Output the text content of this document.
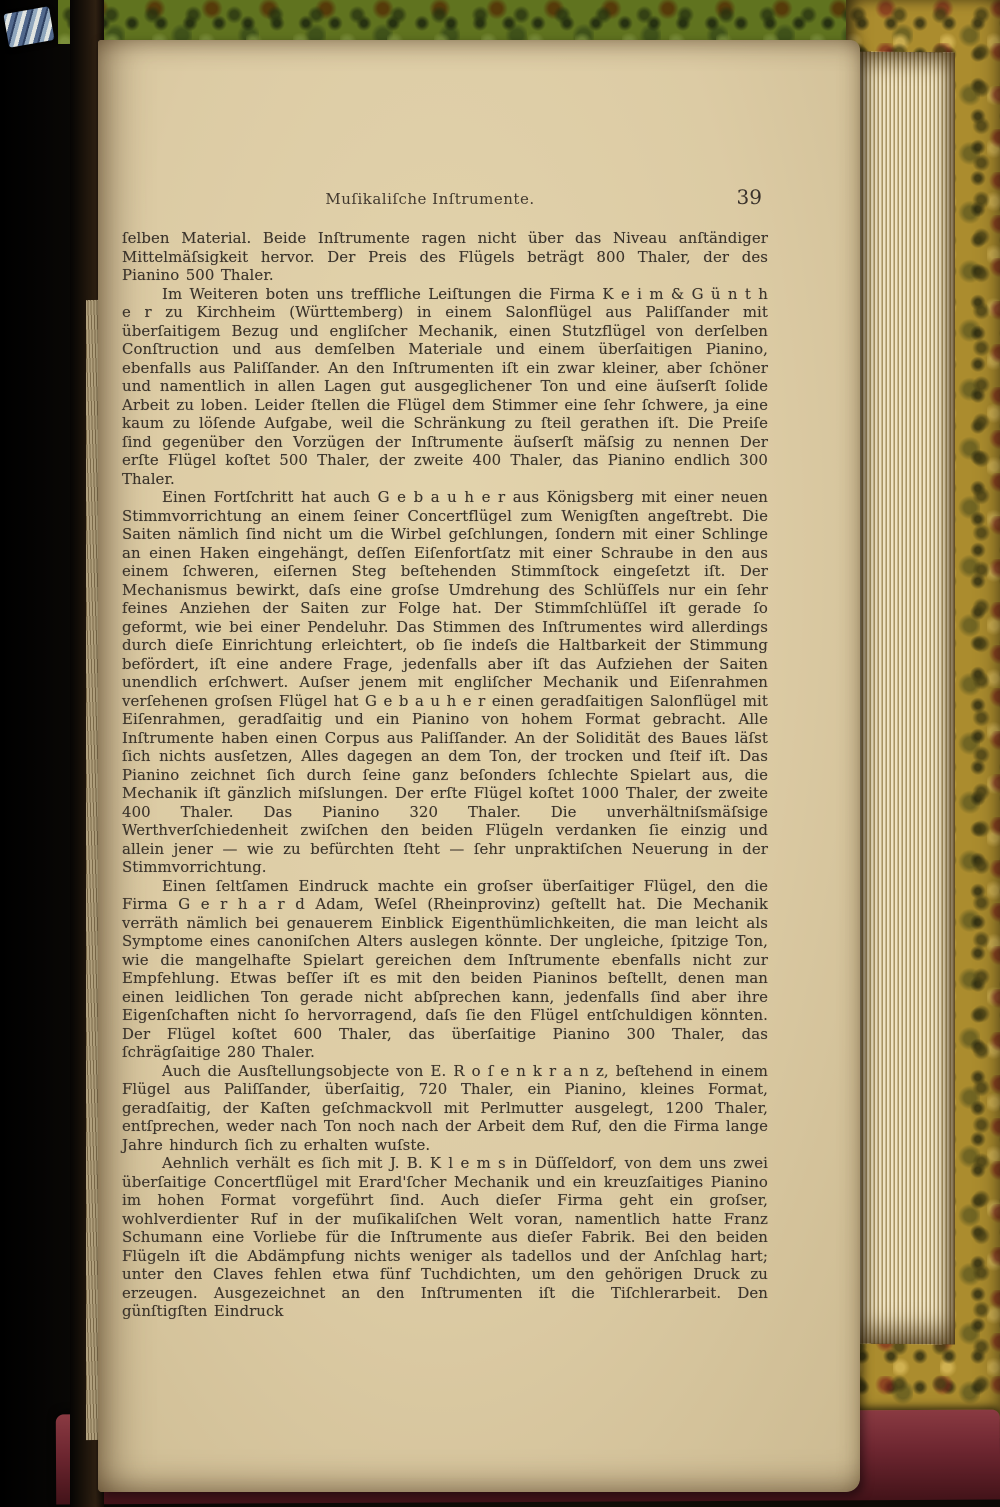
Muſikaliſche Inſtrumente.	39

ſelben Material. Beide Inſtrumente ragen nicht über das Niveau anſtändiger Mittelmäſsigkeit hervor. Der Preis des Flügels beträgt 800 Thaler, der des Pianino 500 Thaler.

Im Weiteren boten uns treffliche Leiſtungen die Firma K e i m & G ü n t h e r zu Kirchheim (Württemberg) in einem Salonflügel aus Paliſſander mit überſaitigem Bezug und engliſcher Mechanik, einen Stutzflügel von derſelben Conſtruction und aus demſelben Materiale und einem überſaitigen Pianino, ebenfalls aus Paliſſander. An den Inſtrumenten iſt ein zwar kleiner, aber ſchöner und namentlich in allen Lagen gut ausgeglichener Ton und eine äuſserſt ſolide Arbeit zu loben. Leider ſtellen die Flügel dem Stimmer eine ſehr ſchwere, ja eine kaum zu löſende Aufgabe, weil die Schränkung zu ſteil gerathen iſt. Die Preiſe ſind gegenüber den Vorzügen der Inſtrumente äuſserſt mäſsig zu nennen Der erſte Flügel koſtet 500 Thaler, der zweite 400 Thaler, das Pianino endlich 300 Thaler.

Einen Fortſchritt hat auch G e b a u h e r aus Königsberg mit einer neuen Stimmvorrichtung an einem ſeiner Concertflügel zum Wenigſten angeſtrebt. Die Saiten nämlich ſind nicht um die Wirbel geſchlungen, ſondern mit einer Schlinge an einen Haken eingehängt, deſſen Eiſenfortſatz mit einer Schraube in den aus einem ſchweren, eiſernen Steg beſtehenden Stimmſtock eingeſetzt iſt. Der Mechanismus bewirkt, daſs eine groſse Umdrehung des Schlüſſels nur ein ſehr feines Anziehen der Saiten zur Folge hat. Der Stimmſchlüſſel iſt gerade ſo geformt, wie bei einer Pendeluhr. Das Stimmen des Inſtrumentes wird allerdings durch dieſe Einrichtung erleichtert, ob ſie indeſs die Haltbarkeit der Stimmung befördert, iſt eine andere Frage, jedenfalls aber iſt das Aufziehen der Saiten unendlich erſchwert. Auſser jenem mit engliſcher Mechanik und Eiſenrahmen verſehenen groſsen Flügel hat G e b a u h e r einen geradſaitigen Salonflügel mit Eiſenrahmen, geradſaitig und ein Pianino von hohem Format gebracht. Alle Inſtrumente haben einen Corpus aus Paliſſander. An der Solidität des Baues läſst ſich nichts ausſetzen, Alles dagegen an dem Ton, der trocken und ſteif iſt. Das Pianino zeichnet ſich durch ſeine ganz beſonders ſchlechte Spielart aus, die Mechanik iſt gänzlich miſslungen. Der erſte Flügel koſtet 1000 Thaler, der zweite 400 Thaler. Das Pianino 320 Thaler. Die unverhältniſsmäſsige Werthverſchiedenheit zwiſchen den beiden Flügeln verdanken ſie einzig und allein jener — wie zu befürchten ſteht — ſehr unpraktiſchen Neuerung in der Stimmvorrichtung.

Einen ſeltſamen Eindruck machte ein groſser überſaitiger Flügel, den die Firma G e r h a r d Adam, Weſel (Rheinprovinz) geſtellt hat. Die Mechanik verräth nämlich bei genauerem Einblick Eigenthümlichkeiten, die man leicht als Symptome eines canoniſchen Alters auslegen könnte. Der ungleiche, ſpitzige Ton, wie die mangelhafte Spielart gereichen dem Inſtrumente ebenfalls nicht zur Empfehlung. Etwas beſſer iſt es mit den beiden Pianinos beſtellt, denen man einen leidlichen Ton gerade nicht abſprechen kann, jedenfalls ſind aber ihre Eigenſchaften nicht ſo hervorragend, daſs ſie den Flügel entſchuldigen könnten. Der Flügel koſtet 600 Thaler, das überſaitige Pianino 300 Thaler, das ſchrägſaitige 280 Thaler.

Auch die Ausſtellungsobjecte von E. R o ſ e n k r a n z, beſtehend in einem Flügel aus Paliſſander, überſaitig, 720 Thaler, ein Pianino, kleines Format, geradſaitig, der Kaſten geſchmackvoll mit Perlmutter ausgelegt, 1200 Thaler, entſprechen, weder nach Ton noch nach der Arbeit dem Ruf, den die Firma lange Jahre hindurch ſich zu erhalten wuſste.

Aehnlich verhält es ſich mit J. B. K l e m s in Düſſeldorf, von dem uns zwei überſaitige Concertflügel mit Erard'ſcher Mechanik und ein kreuzſaitiges Pianino im hohen Format vorgeführt ſind. Auch dieſer Firma geht ein groſser, wohlverdienter Ruf in der muſikaliſchen Welt voran, namentlich hatte Franz Schumann eine Vorliebe für die Inſtrumente aus dieſer Fabrik. Bei den beiden Flügeln iſt die Abdämpfung nichts weniger als tadellos und der Anſchlag hart; unter den Claves fehlen etwa fünf Tuchdichten, um den gehörigen Druck zu erzeugen. Ausgezeichnet an den Inſtrumenten iſt die Tiſchlerarbeit. Den günſtigſten Eindruck
